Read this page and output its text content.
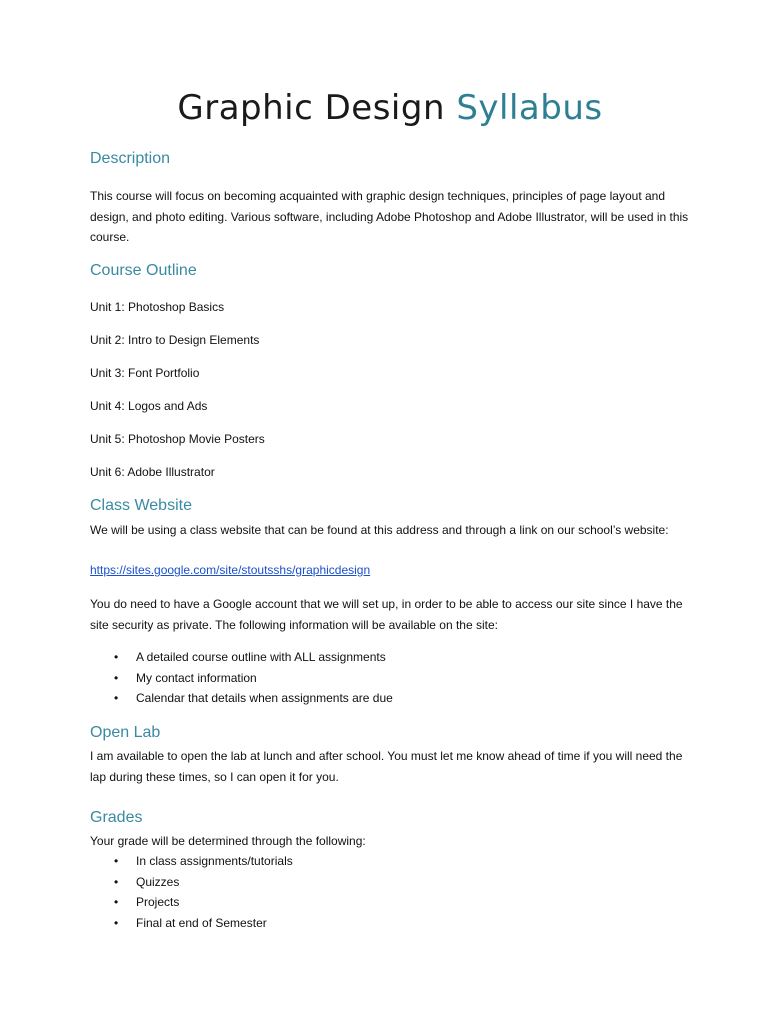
Graphic Design Syllabus
Description
This course will focus on becoming acquainted with graphic design techniques, principles of page layout and design, and photo editing. Various software, including Adobe Photoshop and Adobe Illustrator, will be used in this course.
Course Outline
Unit 1: Photoshop Basics
Unit 2: Intro to Design Elements
Unit 3: Font Portfolio
Unit 4: Logos and Ads
Unit 5: Photoshop Movie Posters
Unit 6: Adobe Illustrator
Class Website
We will be using a class website that can be found at this address and through a link on our school’s website:
https://sites.google.com/site/stoutsshs/graphicdesign
You do need to have a Google account that we will set up, in order to be able to access our site since I have the site security as private. The following information will be available on the site:
• A detailed course outline with ALL assignments
• My contact information
• Calendar that details when assignments are due
Open Lab
I am available to open the lab at lunch and after school. You must let me know ahead of time if you will need the lap during these times, so I can open it for you.
Grades
Your grade will be determined through the following:
• In class assignments/tutorials
• Quizzes
• Projects
• Final at end of Semester
